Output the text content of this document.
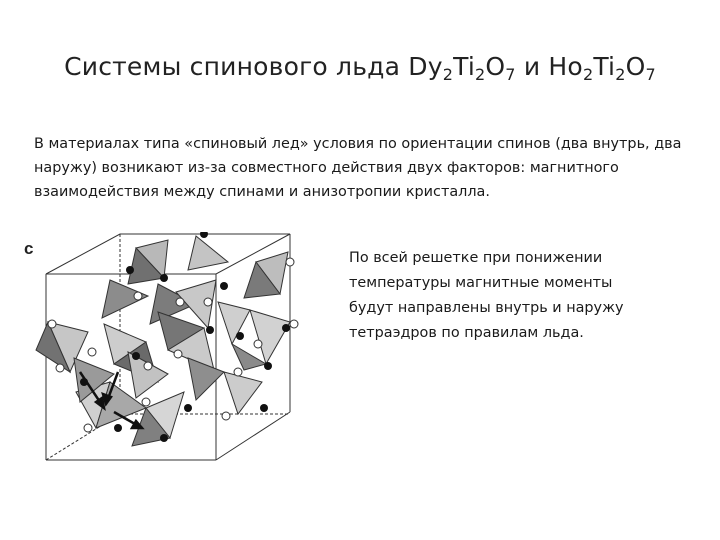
Системы спинового льда $Dy_2Ti_2O_7$ и $Ho_2Ti_2O_7$
В материалах типа «спиновый лед» условия по ориентации спинов (два внутрь, два наружу) возникают из-за совместного действия двух факторов: магнитного взаимодействия между спинами и анизотропии кристалла.
c	По всей решетке при понижении температуры магнитные моменты будут направлены внутрь и наружу тетраэдров по правилам льда.
